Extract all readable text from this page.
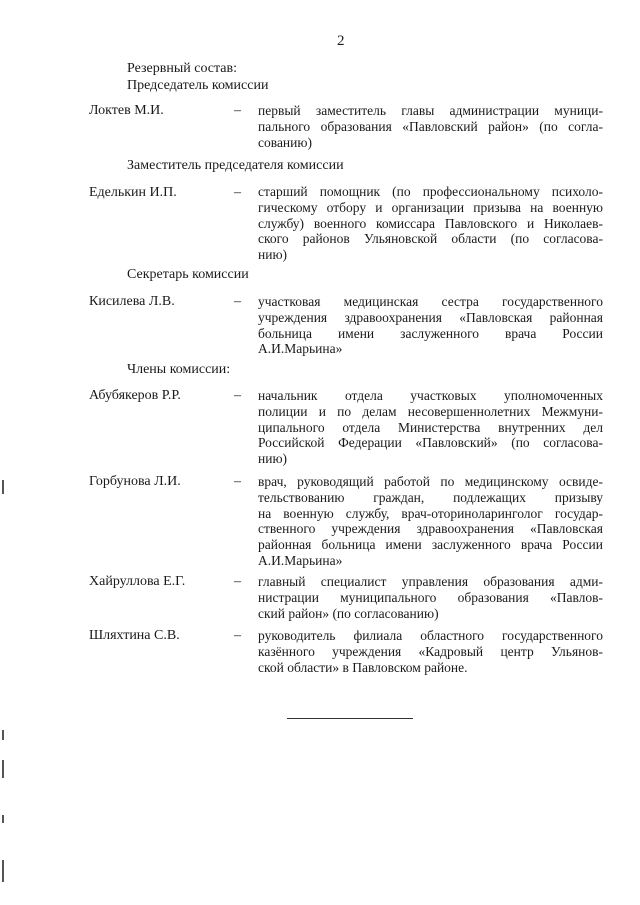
2
Резервный состав:
Председатель комиссии
Локтев М.И.	– первый заместитель главы администрации муници-
пального образования «Павловский район» (по согла-
сованию)
Заместитель председателя комиссии
Еделькин И.П.	– старший помощник (по профессиональному психоло-
гическому отбору и организации призыва на военную
службу) военного комиссара Павловского и Николаев-
ского районов Ульяновской области (по согласова-
нию)
Секретарь комиссии
Кисилева Л.В.	– участковая медицинская сестра государственного
учреждения здравоохранения «Павловская районная
больница имени заслуженного врача России
А.И.Марьина»
Члены комиссии:
Абубякеров Р.Р.	– начальник отдела участковых уполномоченных
полиции и по делам несовершеннолетних Межмуни-
ципального отдела Министерства внутренних дел
Российской Федерации «Павловский» (по согласова-
нию)
Горбунова Л.И.	– врач, руководящий работой по медицинскому освиде-
тельствованию граждан, подлежащих призыву
на военную службу, врач-оториноларинголог государ-
ственного учреждения здравоохранения «Павловская
районная больница имени заслуженного врача России
А.И.Марьина»
Хайруллова Е.Г.	– главный специалист управления образования адми-
нистрации муниципального образования «Павлов-
ский район» (по согласованию)
Шляхтина С.В.	– руководитель филиала областного государственного
казённого учреждения «Кадровый центр Ульянов-
ской области» в Павловском районе.
